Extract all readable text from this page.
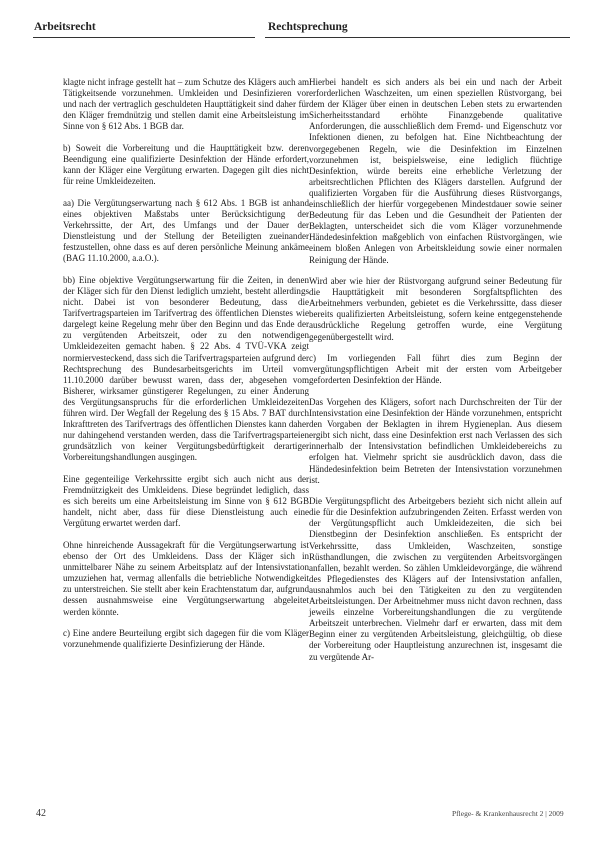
Arbeitsrecht	Rechtsprechung

klagte nicht infrage gestellt hat – zum Schutze des Klägers auch am Tätigkeitsende vorzunehmen. Umkleiden und Desinfizieren vor und nach der vertraglich geschuldeten Haupttätigkeit sind daher für den Kläger fremdnützig und stellen damit eine Arbeitsleistung im Sinne von § 612 Abs. 1 BGB dar.

b) Soweit die Vorbereitung und die Haupttätigkeit bzw. deren Beendigung eine qualifizierte Desinfektion der Hände erfordert, kann der Kläger eine Vergütung erwarten. Dagegen gilt dies nicht für reine Umkleidezeiten.

aa) Die Vergütungserwartung nach § 612 Abs. 1 BGB ist anhand eines objektiven Maßstabs unter Berücksichtigung der Verkehrssitte, der Art, des Umfangs und der Dauer der Dienstleistung und der Stellung der Beteiligten zueinander festzustellen, ohne dass es auf deren persönliche Meinung ankäme (BAG 11.10.2000, a.a.O.).

bb) Eine objektive Vergütungserwartung für die Zeiten, in denen der Kläger sich für den Dienst lediglich umzieht, besteht allerdings nicht. Dabei ist von besonderer Bedeutung, dass die Tarifvertragsparteien im Tarifvertrag des öffentlichen Dienstes wie dargelegt keine Regelung mehr über den Beginn und das Ende der zu vergütenden Arbeitszeit, oder zu den notwendigen Umkleidezeiten gemacht haben. § 22 Abs. 4 TVÜ-VKA zeigt normiervesteckend, dass sich die Tarifvertragsparteien aufgrund der Rechtsprechung des Bundesarbeitsgerichts im Urteil vom 11.10.2000 darüber bewusst waren, dass der, abgesehen vom Bisherer, wirksamer günstigerer Regelungen, zu einer Änderung des Vergütungsanspruchs für die erforderlichen Umkleidezeiten führen wird. Der Wegfall der Regelung des § 15 Abs. 7 BAT durch Inkrafttreten des Tarifvertrags des öffentlichen Dienstes kann daher nur dahingehend verstanden werden, dass die Tarifvertragsparteien grundsätzlich von keiner Vergütungsbedürftigkeit derartiger Vorbereitungshandlungen ausgingen.

Eine gegenteilige Verkehrssitte ergibt sich auch nicht aus der Fremdnützigkeit des Umkleidens. Diese begründet lediglich, dass es sich bereits um eine Arbeitsleistung im Sinne von § 612 BGB handelt, nicht aber, dass für diese Dienstleistung auch eine Vergütung erwartet werden darf.

Ohne hinreichende Aussagekraft für die Vergütungserwartung ist ebenso der Ort des Umkleidens. Dass der Kläger sich in unmittelbarer Nähe zu seinem Arbeitsplatz auf der Intensivstation umzuziehen hat, vermag allenfalls die betriebliche Notwendigkeit zu unterstreichen. Sie stellt aber kein Erachtenstatum dar, aufgrund dessen ausnahmsweise eine Vergütungserwartung abgeleitet werden könnte.

c) Eine andere Beurteilung ergibt sich dagegen für die vom Kläger vorzunehmende qualifizierte Desinfizierung der Hände.

Hierbei handelt es sich anders als bei ein und nach der Arbeit erforderlichen Waschzeiten, um einen speziellen Rüstvorgang, bei dem der Kläger über einen in deutschen Leben stets zu erwartenden Sicherheitsstandard erhöhte Finanzgebende qualitative Anforderungen, die ausschließlich dem Fremd- und Eigenschutz vor Infektionen dienen, zu befolgen hat. Eine Nichtbeachtung der vorgegebenen Regeln, wie die Desinfektion im Einzelnen vorzunehmen ist, beispielsweise, eine lediglich flüchtige Desinfektion, würde bereits eine erhebliche Verletzung der arbeitsrechtlichen Pflichten des Klägers darstellen. Aufgrund der qualifizierten Vorgaben für die Ausführung dieses Rüstvorgangs, einschließlich der hierfür vorgegebenen Mindestdauer sowie seiner Bedeutung für das Leben und die Gesundheit der Patienten der Beklagten, unterscheidet sich die vom Kläger vorzunehmende Händedesinfektion maßgeblich von einfachen Rüstvorgängen, wie einem bloßen Anlegen von Arbeitskleidung sowie einer normalen Reinigung der Hände.

Wird aber wie hier der Rüstvorgang aufgrund seiner Bedeutung für die Haupttätigkeit mit besonderen Sorgfaltspflichten des Arbeitnehmers verbunden, gebietet es die Verkehrssitte, dass dieser bereits qualifizierten Arbeitsleistung, sofern keine entgegenstehende ausdrückliche Regelung getroffen wurde, eine Vergütung gegenübergestellt wird.

c) Im vorliegenden Fall führt dies zum Beginn der vergütungspflichtigen Arbeit mit der ersten vom Arbeitgeber geforderten Desinfektion der Hände.

Das Vorgehen des Klägers, sofort nach Durchschreiten der Tür der Intensivstation eine Desinfektion der Hände vorzunehmen, entspricht den Vorgaben der Beklagten in ihrem Hygieneplan. Aus diesem ergibt sich nicht, dass eine Desinfektion erst nach Verlassen des sich innerhalb der Intensivstation befindlichen Umkleidebereichs zu erfolgen hat. Vielmehr spricht sie ausdrücklich davon, dass die Händedesinfektion beim Betreten der Intensivstation vorzunehmen ist.

Die Vergütungspflicht des Arbeitgebers bezieht sich nicht allein auf die für die Desinfektion aufzubringenden Zeiten. Erfasst werden von der Vergütungspflicht auch Umkleidezeiten, die sich bei Dienstbeginn der Desinfektion anschließen. Es entspricht der Verkehrssitte, dass Umkleiden, Waschzeiten, sonstige Rüsthandlungen, die zwischen zu vergütenden Arbeitsvorgängen anfallen, bezahlt werden. So zählen Umkleidevorgänge, die während des Pflegedienstes des Klägers auf der Intensivstation anfallen, ausnahmlos auch bei den Tätigkeiten zu den zu vergütenden Arbeitsleistungen. Der Arbeitnehmer muss nicht davon rechnen, dass jeweils einzelne Vorbereitungshandlungen die zu vergütende Arbeitszeit unterbrechen. Vielmehr darf er erwarten, dass mit dem Beginn einer zu vergütenden Arbeitsleistung, gleichgültig, ob diese der Vorbereitung oder Hauptleistung anzurechnen ist, insgesamt die zu vergütende Ar-

42	Pflege- & Krankenhausrecht 2 | 2009
